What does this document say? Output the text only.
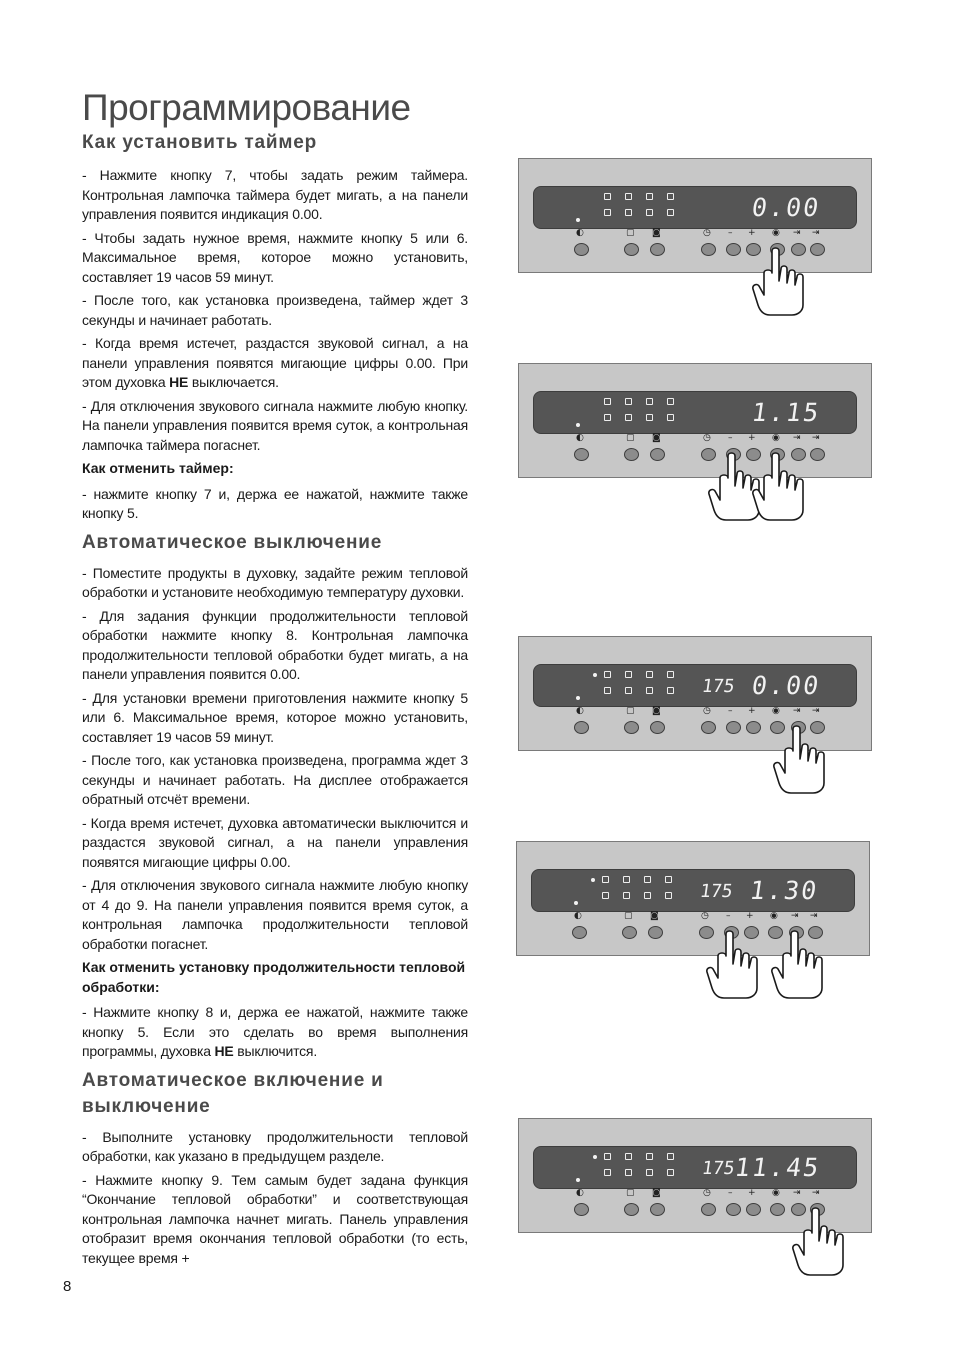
Программирование
Как установить таймер
- Нажмите кнопку 7, чтобы задать режим таймера. Контрольная лампочка таймера будет мигать, а на панели управления появится индикация 0.00.
- Чтобы задать нужное время, нажмите кнопку 5 или 6. Максимальное время, которое можно установить, составляет 19 часов 59 минут.
- После того, как установка произведена, таймер ждет 3 секунды и начинает работать.
- Когда время истечет, раздастся звуковой сигнал, а на панели управления появятся мигающие цифры 0.00. При этом духовка НЕ выключается.
- Для отключения звукового сигнала нажмите любую кнопку. На панели управления появится время суток, а контрольная лампочка таймера погаснет.
Как отменить таймер:
- нажмите кнопку 7 и, держа ее нажатой, нажмите также кнопку 5.
Автоматическое выключение
- Поместите продукты в духовку, задайте режим тепловой обработки и установите необходимую температуру духовки.
- Для задания функции продолжительности тепловой обработки нажмите кнопку 8. Контрольная лампочка продолжительности тепловой обработки будет мигать, а на панели управления появится 0.00.
- Для установки времени приготовления нажмите кнопку 5 или 6. Максимальное время, которое можно установить, составляет 19 часов 59 минут.
- После того, как установка произведена, программа ждет 3 секунды и начинает работать. На дисплее отображается обратный отсчёт времени.
- Когда время истечет, духовка автоматически выключится и раздастся звуковой сигнал, а на панели управления появятся мигающие цифры 0.00.
- Для отключения звукового сигнала нажмите любую кнопку от 4 до 9. На панели управления появится время суток, а контрольная лампочка продолжительности тепловой обработки погаснет.
Как отменить установку продолжительности тепловой обработки:
- Нажмите кнопку 8 и, держа ее нажатой, нажмите также кнопку 5. Если это сделать во время выполнения программы, духовка НЕ выключится.
Автоматическое включение и выключение
- Выполните установку продолжительности тепловой обработки, как указано в предыдущем разделе.
- Нажмите кнопку 9. Тем самым будет задана функция “Окончание тепловой обработки” и соответствующая контрольная лампочка начнет мигать. Панель управления отобразит время окончания тепловой обработки (то есть, текущее время +
8
0.00
◐	▢ ◙	◷ – + ◉ ⇥ ⇥
1.15
◐	▢ ◙	◷ – + ◉ ⇥ ⇥
175 0.00
◐	▢ ◙	◷ – + ◉ ⇥ ⇥
175 1.30
◐	▢ ◙	◷ – + ◉ ⇥ ⇥
175
11.45
◐	▢ ◙	◷ – + ◉ ⇥ ⇥
